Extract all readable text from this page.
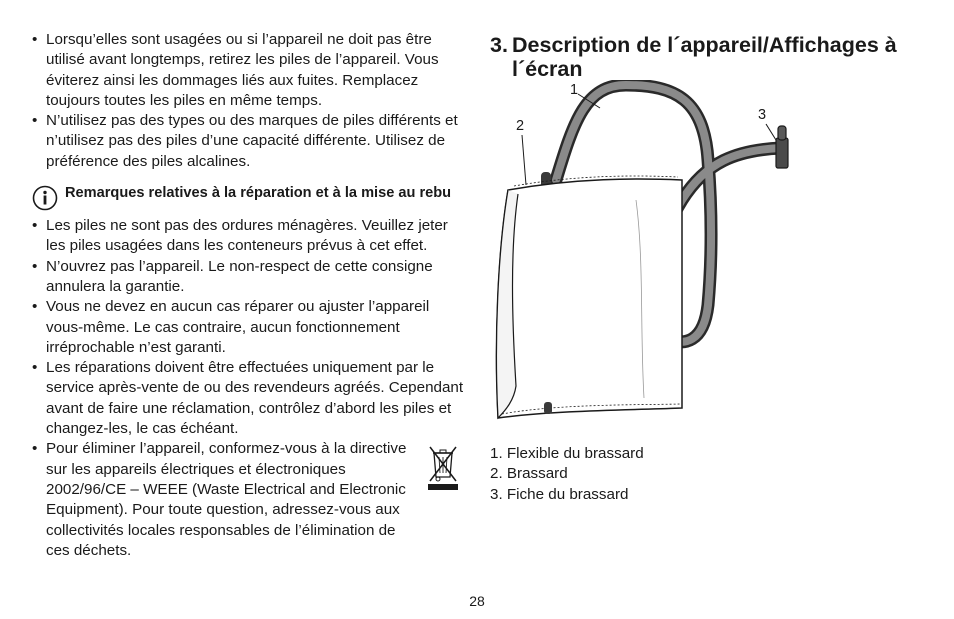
• Lorsqu’elles sont usagées ou si l’appareil ne doit pas être utilisé avant longtemps, retirez les piles de l’appareil. Vous éviterez ainsi les dommages liés aux fuites. Remplacez toujours toutes les piles en même temps.
• N’utilisez pas des types ou des marques de piles différents et n’utilisez pas des piles d’une capacité différente. Utilisez de préférence des piles alcalines.
Remarques relatives à la réparation et à la mise au rebu
• Les piles ne sont pas des ordures ménagères. Veuillez jeter les piles usagées dans les conteneurs prévus à cet effet.
• N’ouvrez pas l’appareil. Le non-respect de cette consigne annulera la garantie.
• Vous ne devez en aucun cas réparer ou ajuster l’appareil vous-même. Le cas contraire, aucun fonctionnement irréprochable n’est garanti.
• Les réparations doivent être effectuées uniquement par le service après-vente de ou des revendeurs agréés. Cependant avant de faire une réclamation, contrôlez d’abord les piles et changez-les, le cas échéant.
• Pour éliminer l’appareil, conformez-vous à la directive sur les appareils électriques et électroniques 2002/96/CE – WEEE (Waste Electrical and Electronic Equipment). Pour toute question, adressez-vous aux collectivités locales responsables de l’élimination de ces déchets.
3. Description de l´appareil/Affichages à
l´écran
1
2
3
1. Flexible du brassard
2. Brassard
3. Fiche du brassard
28
